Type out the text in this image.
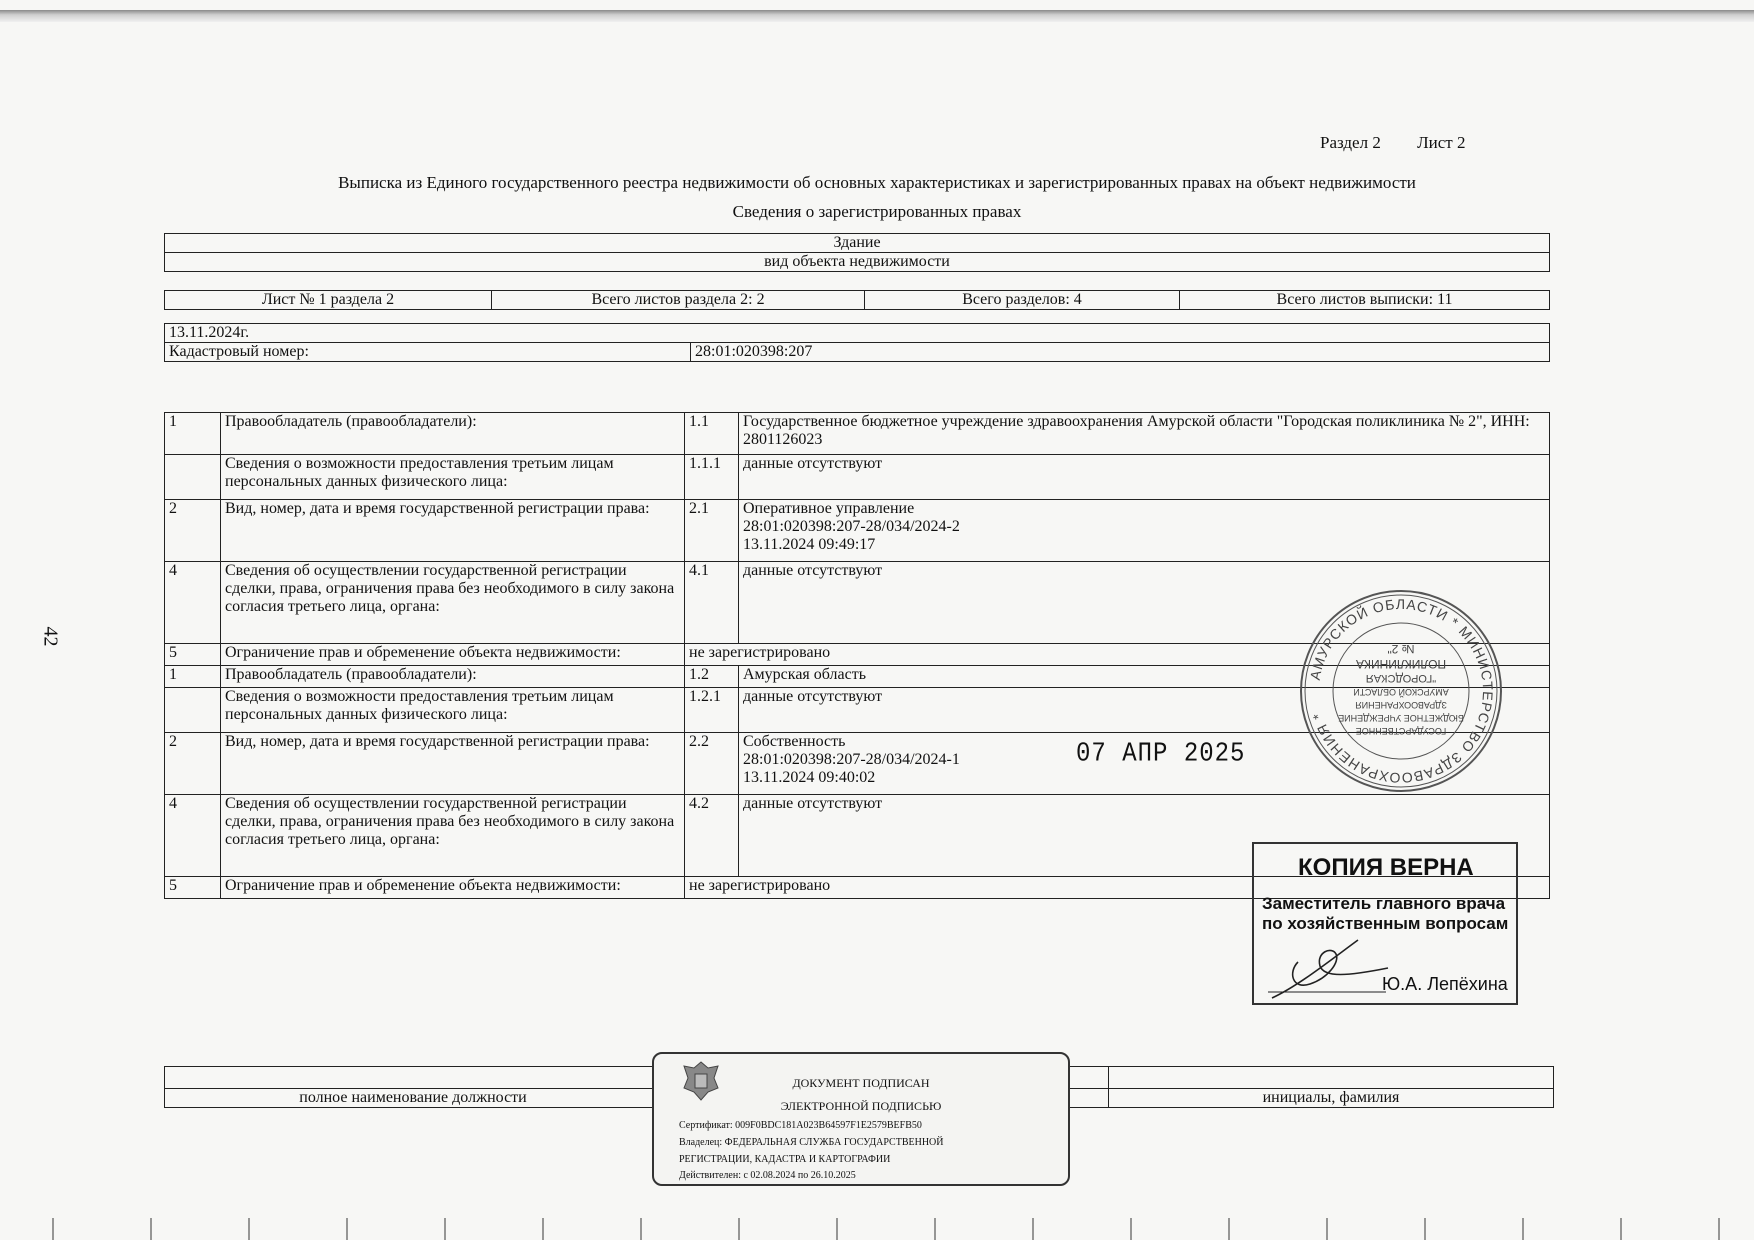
Раздел 2 Лист 2
Выписка из Единого государственного реестра недвижимости об основных характеристиках и зарегистрированных правах на объект недвижимости
Сведения о зарегистрированных правах
42
Здание
вид объекта недвижимости
Лист № 1 раздела 2	Всего листов раздела 2: 2	Всего разделов: 4	Всего листов выписки: 11
13.11.2024г.
Кадастровый номер:	28:01:020398:207
1	Правообладатель (правообладатели):	1.1	Государственное бюджетное учреждение здравоохранения Амурской области "Городская поликлиника № 2", ИНН: 2801126023
	Сведения о возможности предоставления третьим лицам персональных данных физического лица:	1.1.1	данные отсутствуют
2	Вид, номер, дата и время государственной регистрации права:	2.1	Оперативное управление
28:01:020398:207-28/034/2024-2
13.11.2024 09:49:17

4	Сведения об осуществлении государственной регистрации сделки, права, ограничения права без необходимого в силу закона согласия третьего лица, органа:	4.1	данные отсутствуют
5	Ограничение прав и обременение объекта недвижимости:	не зарегистрировано	
1	Правообладатель (правообладатели):	1.2	Амурская область
	Сведения о возможности предоставления третьим лицам персональных данных физического лица:	1.2.1	данные отсутствуют
2	Вид, номер, дата и время государственной регистрации права:	2.2	Собственность
28:01:020398:207-28/034/2024-1
13.11.2024 09:40:02

4	Сведения об осуществлении государственной регистрации сделки, права, ограничения права без необходимого в силу закона согласия третьего лица, органа:	4.2	данные отсутствуют
5	Ограничение прав и обременение объекта недвижимости:	не зарегистрировано	
07 АПР 2025
АМУРСКОЙ ОБЛАСТИ * МИНИСТЕРСТВО ЗДРАВООХРАНЕНИЯ *
ГОСУДАРСТВЕННОЕ
БЮДЖЕТНОЕ УЧРЕЖДЕНИЕ
ЗДРАВООХРАНЕНИЯ
АМУРСКОЙ ОБЛАСТИ
"ГОРОДСКАЯ
ПОЛИКЛИНИКА
№ 2"
КОПИЯ ВЕРНА
Заместитель главного врача
по хозяйственным вопросам
Ю.А. Лепёхина

полное наименование должности		инициалы, фамилия
ДОКУМЕНТ ПОДПИСАН
ЭЛЕКТРОННОЙ ПОДПИСЬЮ
Сертификат: 009F0BDC181A023B64597F1E2579BEFB50
Владелец: ФЕДЕРАЛЬНАЯ СЛУЖБА ГОСУДАРСТВЕННОЙ
РЕГИСТРАЦИИ, КАДАСТРА И КАРТОГРАФИИ
Действителен: с 02.08.2024 по 26.10.2025
